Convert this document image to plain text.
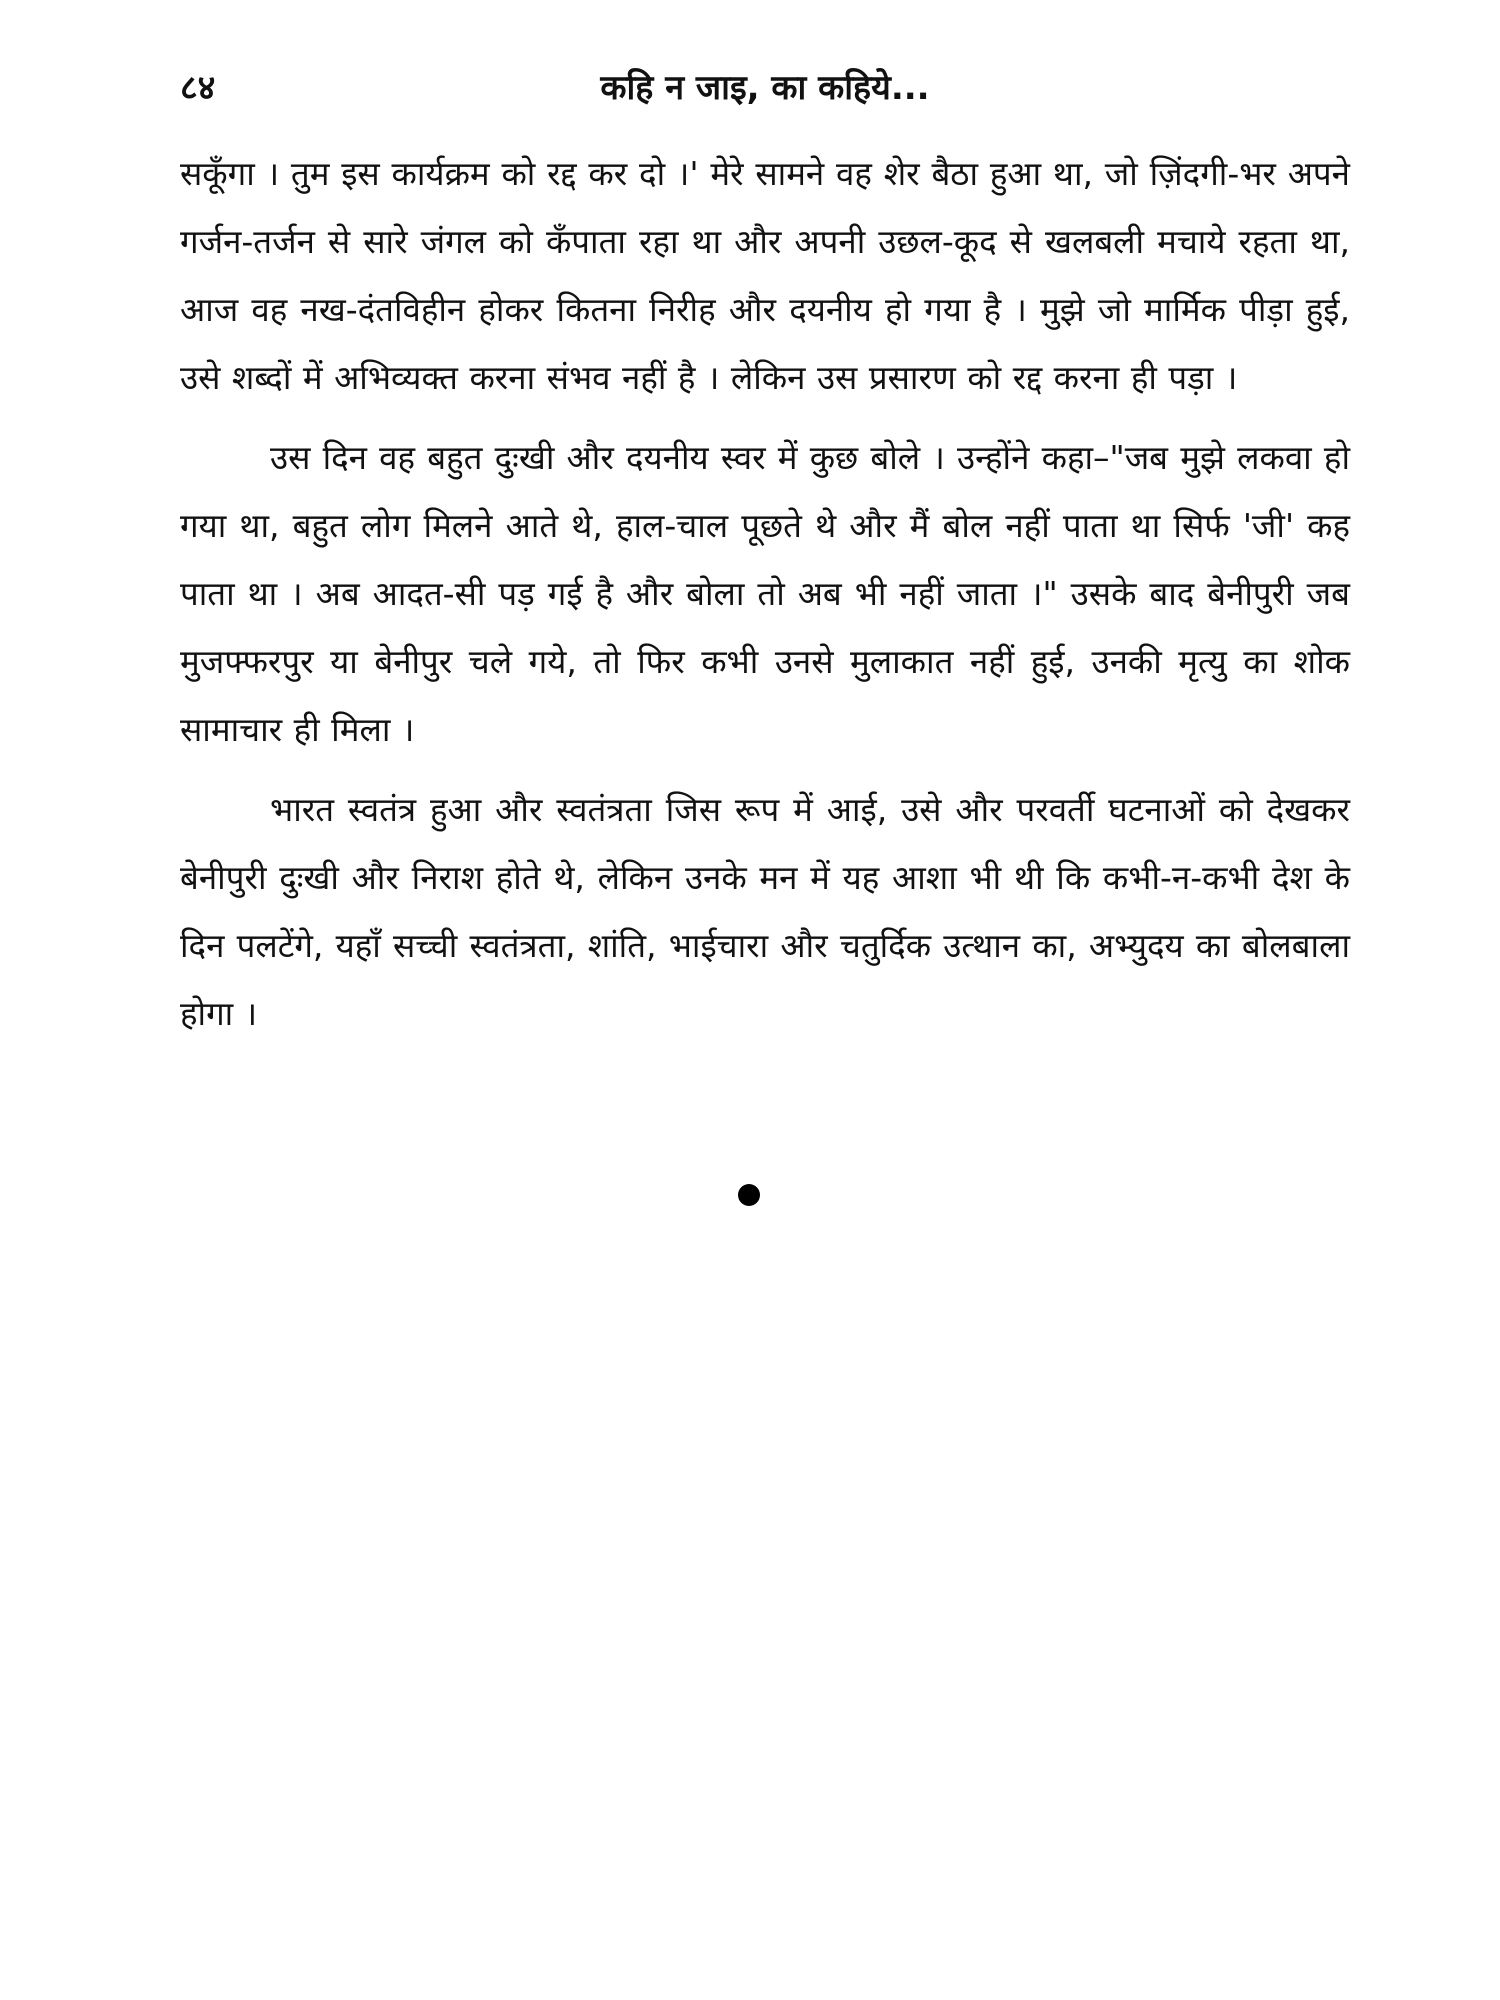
८४	कहि न जाइ, का कहिये...

सकूँगा । तुम इस कार्यक्रम को रद्द कर दो ।' मेरे सामने वह शेर बैठा हुआ था, जो ज़िंदगी-भर अपने गर्जन-तर्जन से सारे जंगल को कँपाता रहा था और अपनी उछल-कूद से खलबली मचाये रहता था, आज वह नख-दंतविहीन होकर कितना निरीह और दयनीय हो गया है । मुझे जो मार्मिक पीड़ा हुई, उसे शब्दों में अभिव्यक्त करना संभव नहीं है । लेकिन उस प्रसारण को रद्द करना ही पड़ा ।

उस दिन वह बहुत दुःखी और दयनीय स्वर में कुछ बोले । उन्होंने कहा–"जब मुझे लकवा हो गया था, बहुत लोग मिलने आते थे, हाल-चाल पूछते थे और मैं बोल नहीं पाता था सिर्फ 'जी' कह पाता था । अब आदत-सी पड़ गई है और बोला तो अब भी नहीं जाता ।" उसके बाद बेनीपुरी जब मुजफ्फरपुर या बेनीपुर चले गये, तो फिर कभी उनसे मुलाकात नहीं हुई, उनकी मृत्यु का शोक सामाचार ही मिला ।

भारत स्वतंत्र हुआ और स्वतंत्रता जिस रूप में आई, उसे और परवर्ती घटनाओं को देखकर बेनीपुरी दुःखी और निराश होते थे, लेकिन उनके मन में यह आशा भी थी कि कभी-न-कभी देश के दिन पलटेंगे, यहाँ सच्ची स्वतंत्रता, शांति, भाईचारा और चतुर्दिक उत्थान का, अभ्युदय का बोलबाला होगा ।
